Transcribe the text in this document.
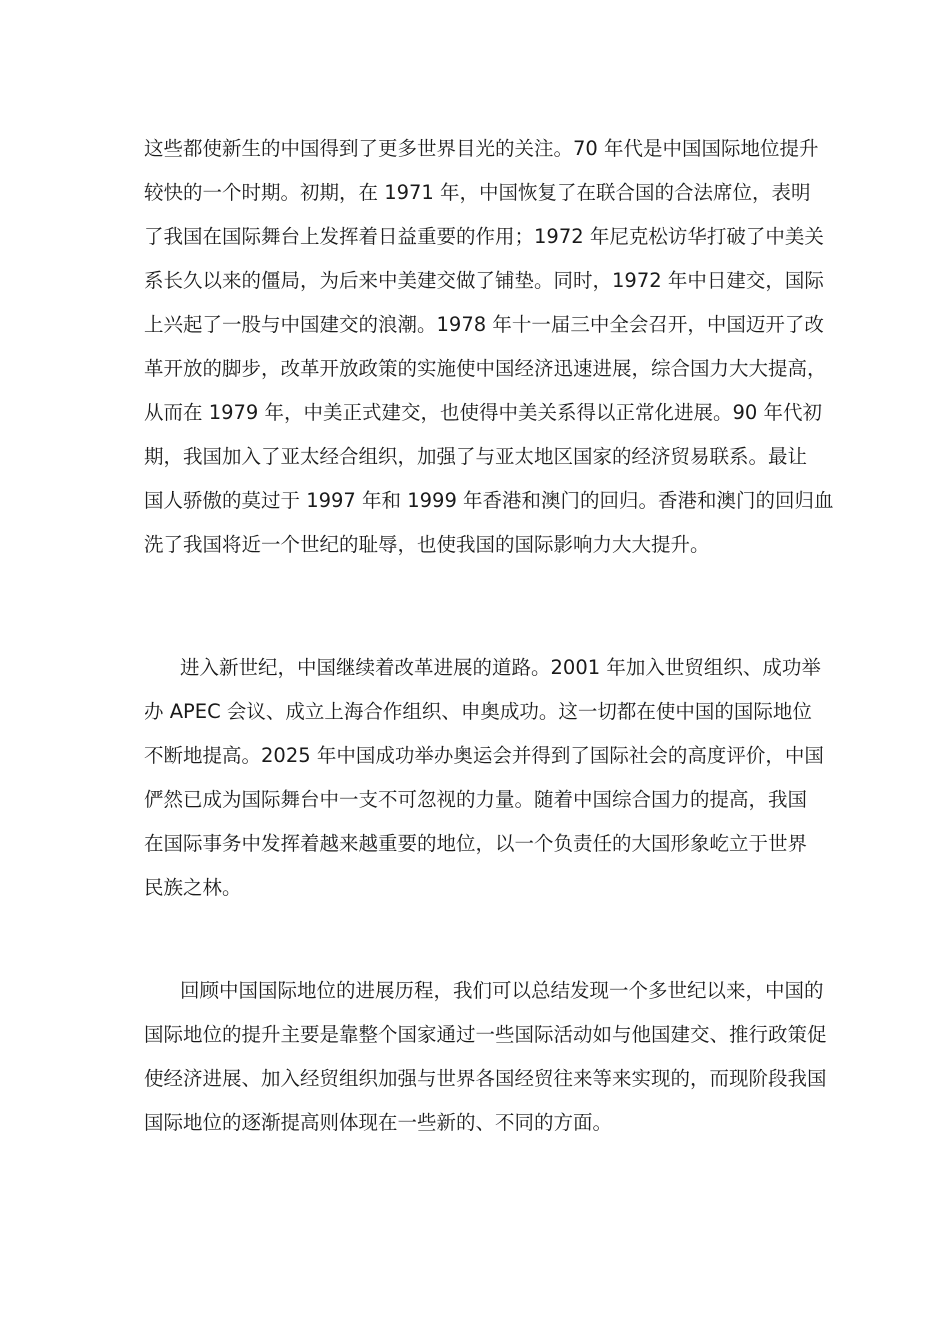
这些都使新生的中国得到了更多世界目光的关注。70 年代是中国国际地位提升
较快的一个时期。初期，在 1971 年，中国恢复了在联合国的合法席位，表明
了我国在国际舞台上发挥着日益重要的作用；1972 年尼克松访华打破了中美关
系长久以来的僵局，为后来中美建交做了铺垫。同时，1972 年中日建交，国际
上兴起了一股与中国建交的浪潮。1978 年十一届三中全会召开，中国迈开了改
革开放的脚步，改革开放政策的实施使中国经济迅速进展，综合国力大大提高，
从而在 1979 年，中美正式建交，也使得中美关系得以正常化进展。90 年代初
期，我国加入了亚太经合组织，加强了与亚太地区国家的经济贸易联系。最让
国人骄傲的莫过于 1997 年和 1999 年香港和澳门的回归。香港和澳门的回归血
洗了我国将近一个世纪的耻辱，也使我国的国际影响力大大提升。
进入新世纪，中国继续着改革进展的道路。2001 年加入世贸组织、成功举
办 APEC 会议、成立上海合作组织、申奥成功。这一切都在使中国的国际地位
不断地提高。2025 年中国成功举办奥运会并得到了国际社会的高度评价，中国
俨然已成为国际舞台中一支不可忽视的力量。随着中国综合国力的提高，我国
在国际事务中发挥着越来越重要的地位，以一个负责任的大国形象屹立于世界
民族之林。
回顾中国国际地位的进展历程，我们可以总结发现一个多世纪以来，中国的
国际地位的提升主要是靠整个国家通过一些国际活动如与他国建交、推行政策促
使经济进展、加入经贸组织加强与世界各国经贸往来等来实现的，而现阶段我国
国际地位的逐渐提高则体现在一些新的、不同的方面。
